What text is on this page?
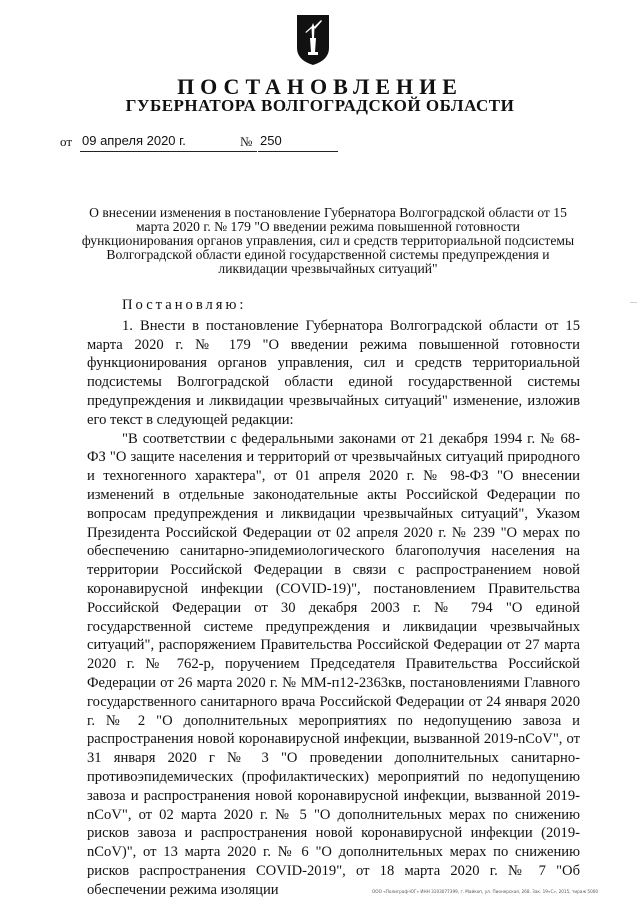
ПОСТАНОВЛЕНИЕ
ГУБЕРНАТОРА ВОЛГОГРАДСКОЙ ОБЛАСТИ
от 09 апреля 2020 г.	№ 250
О внесении изменения в постановление Губернатора Волгоградской области от 15 марта 2020 г. № 179 "О введении режима повышенной готовности функционирования органов управления, сил и средств территориальной подсистемы Волгоградской области единой государственной системы предупреждения и ликвидации чрезвычайных ситуаций"

Постановляю:

1. Внести в постановление Губернатора Волгоградской области от 15 марта 2020 г. № 179 "О введении режима повышенной готовности функционирования органов управления, сил и средств территориальной подсистемы Волгоградской области единой государственной системы предупреждения и ликвидации чрезвычайных ситуаций" изменение, изложив его текст в следующей редакции:

"В соответствии с федеральными законами от 21 декабря 1994 г. № 68-ФЗ "О защите населения и территорий от чрезвычайных ситуаций природного и техногенного характера", от 01 апреля 2020 г. № 98-ФЗ "О внесении изменений в отдельные законодательные акты Российской Федерации по вопросам предупреждения и ликвидации чрезвычайных ситуаций", Указом Президента Российской Федерации от 02 апреля 2020 г. № 239 "О мерах по обеспечению санитарно-эпидемиологического благополучия населения на территории Российской Федерации в связи с распространением новой коронавирусной инфекции (COVID-19)", постановлением Правительства Российской Федерации от 30 декабря 2003 г. № 794 "О единой государственной системе предупреждения и ликвидации чрезвычайных ситуаций", распоряжением Правительства Российской Федерации от 27 марта 2020 г. № 762-р, поручением Председателя Правительства Российской Федерации от 26 марта 2020 г. № ММ-п12-2363кв, постановлениями Главного государственного санитарного врача Российской Федерации от 24 января 2020 г. № 2 "О дополнительных мероприятиях по недопущению завоза и распространения новой коронавирусной инфекции, вызванной 2019-nCoV", от 31 января 2020 г № 3 "О проведении дополнительных санитарно-противоэпидемических (профилактических) мероприятий по недопущению завоза и распространения новой коронавирусной инфекции, вызванной 2019-nCoV", от 02 марта 2020 г. № 5 "О дополнительных мерах по снижению рисков завоза и распространения новой коронавирусной инфекции (2019-nCoV)", от 13 марта 2020 г. № 6 "О дополнительных мерах по снижению рисков распространения COVID-2019", от 18 марта 2020 г. № 7 "Об обеспечении режима изоляции

—
ООО «Полиграф-ЮГ» ИНН 3103077399, г. Майкоп, ул. Пионерская, 268. Зак. 19«С», 2015, тираж 5000
